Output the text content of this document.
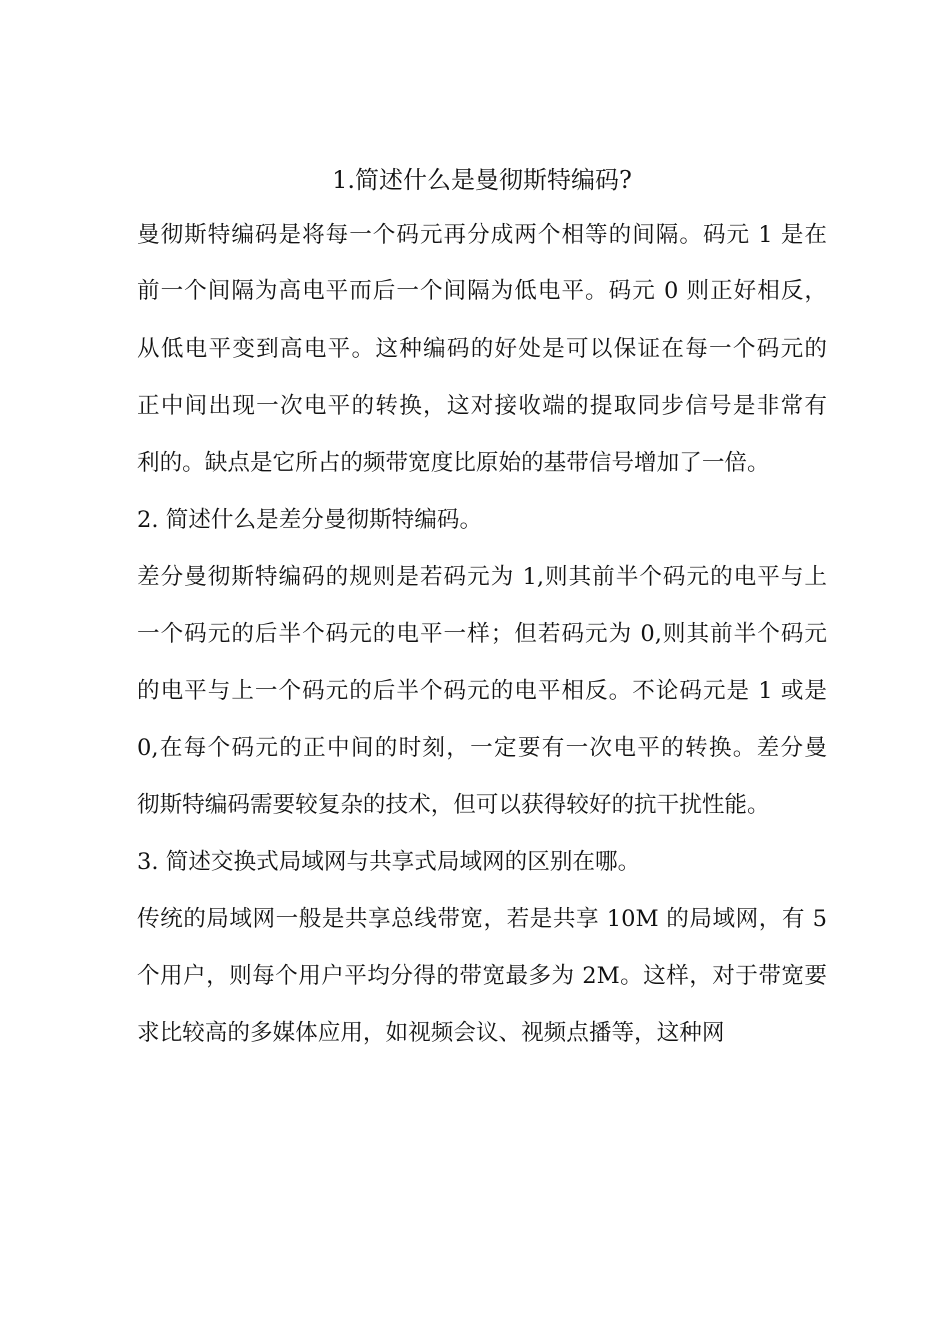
1.简述什么是曼彻斯特编码?
曼彻斯特编码是将每一个码元再分成两个相等的间隔。码元 1 是在
前一个间隔为高电平而后一个间隔为低电平。码元 0 则正好相反，
从低电平变到高电平。这种编码的好处是可以保证在每一个码元的
正中间出现一次电平的转换，这对接收端的提取同步信号是非常有
利的。缺点是它所占的频带宽度比原始的基带信号增加了一倍。
2. 简述什么是差分曼彻斯特编码。
差分曼彻斯特编码的规则是若码元为 1,则其前半个码元的电平与上
一个码元的后半个码元的电平一样；但若码元为 0,则其前半个码元
的电平与上一个码元的后半个码元的电平相反。不论码元是 1 或是
0,在每个码元的正中间的时刻，一定要有一次电平的转换。差分曼
彻斯特编码需要较复杂的技术，但可以获得较好的抗干扰性能。
3. 简述交换式局域网与共享式局域网的区别在哪。
传统的局域网一般是共享总线带宽，若是共享 10M 的局域网，有 5
个用户，则每个用户平均分得的带宽最多为 2M。这样，对于带宽要
求比较高的多媒体应用，如视频会议、视频点播等，这种网
